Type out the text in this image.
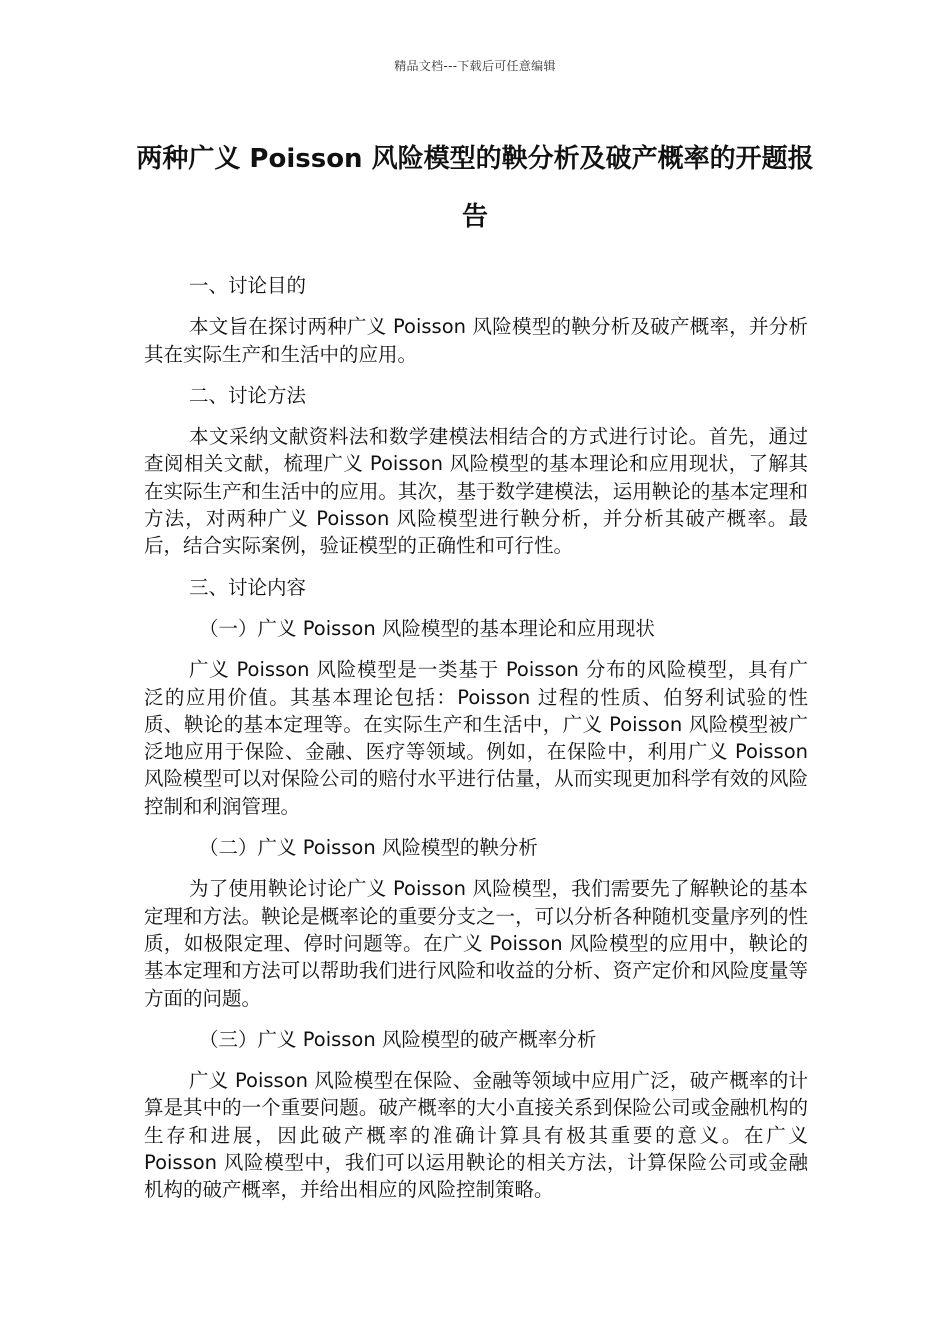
精品文档---下载后可任意编辑
两种广义 Poisson 风险模型的鞅分析及破产概率的开题报告

一、讨论目的

本文旨在探讨两种广义 Poisson 风险模型的鞅分析及破产概率，并分析其在实际生产和生活中的应用。

二、讨论方法

本文采纳文献资料法和数学建模法相结合的方式进行讨论。首先，通过查阅相关文献，梳理广义 Poisson 风险模型的基本理论和应用现状，了解其在实际生产和生活中的应用。其次，基于数学建模法，运用鞅论的基本定理和方法，对两种广义 Poisson 风险模型进行鞅分析，并分析其破产概率。最后，结合实际案例，验证模型的正确性和可行性。

三、讨论内容

（一）广义 Poisson 风险模型的基本理论和应用现状

广义 Poisson 风险模型是一类基于 Poisson 分布的风险模型，具有广泛的应用价值。其基本理论包括：Poisson 过程的性质、伯努利试验的性质、鞅论的基本定理等。在实际生产和生活中，广义 Poisson 风险模型被广泛地应用于保险、金融、医疗等领域。例如，在保险中，利用广义 Poisson 风险模型可以对保险公司的赔付水平进行估量，从而实现更加科学有效的风险控制和利润管理。

（二）广义 Poisson 风险模型的鞅分析

为了使用鞅论讨论广义 Poisson 风险模型，我们需要先了解鞅论的基本定理和方法。鞅论是概率论的重要分支之一，可以分析各种随机变量序列的性质，如极限定理、停时问题等。在广义 Poisson 风险模型的应用中，鞅论的基本定理和方法可以帮助我们进行风险和收益的分析、资产定价和风险度量等方面的问题。

（三）广义 Poisson 风险模型的破产概率分析

广义 Poisson 风险模型在保险、金融等领域中应用广泛，破产概率的计算是其中的一个重要问题。破产概率的大小直接关系到保险公司或金融机构的生存和进展，因此破产概率的准确计算具有极其重要的意义。在广义 Poisson 风险模型中，我们可以运用鞅论的相关方法，计算保险公司或金融机构的破产概率，并给出相应的风险控制策略。
